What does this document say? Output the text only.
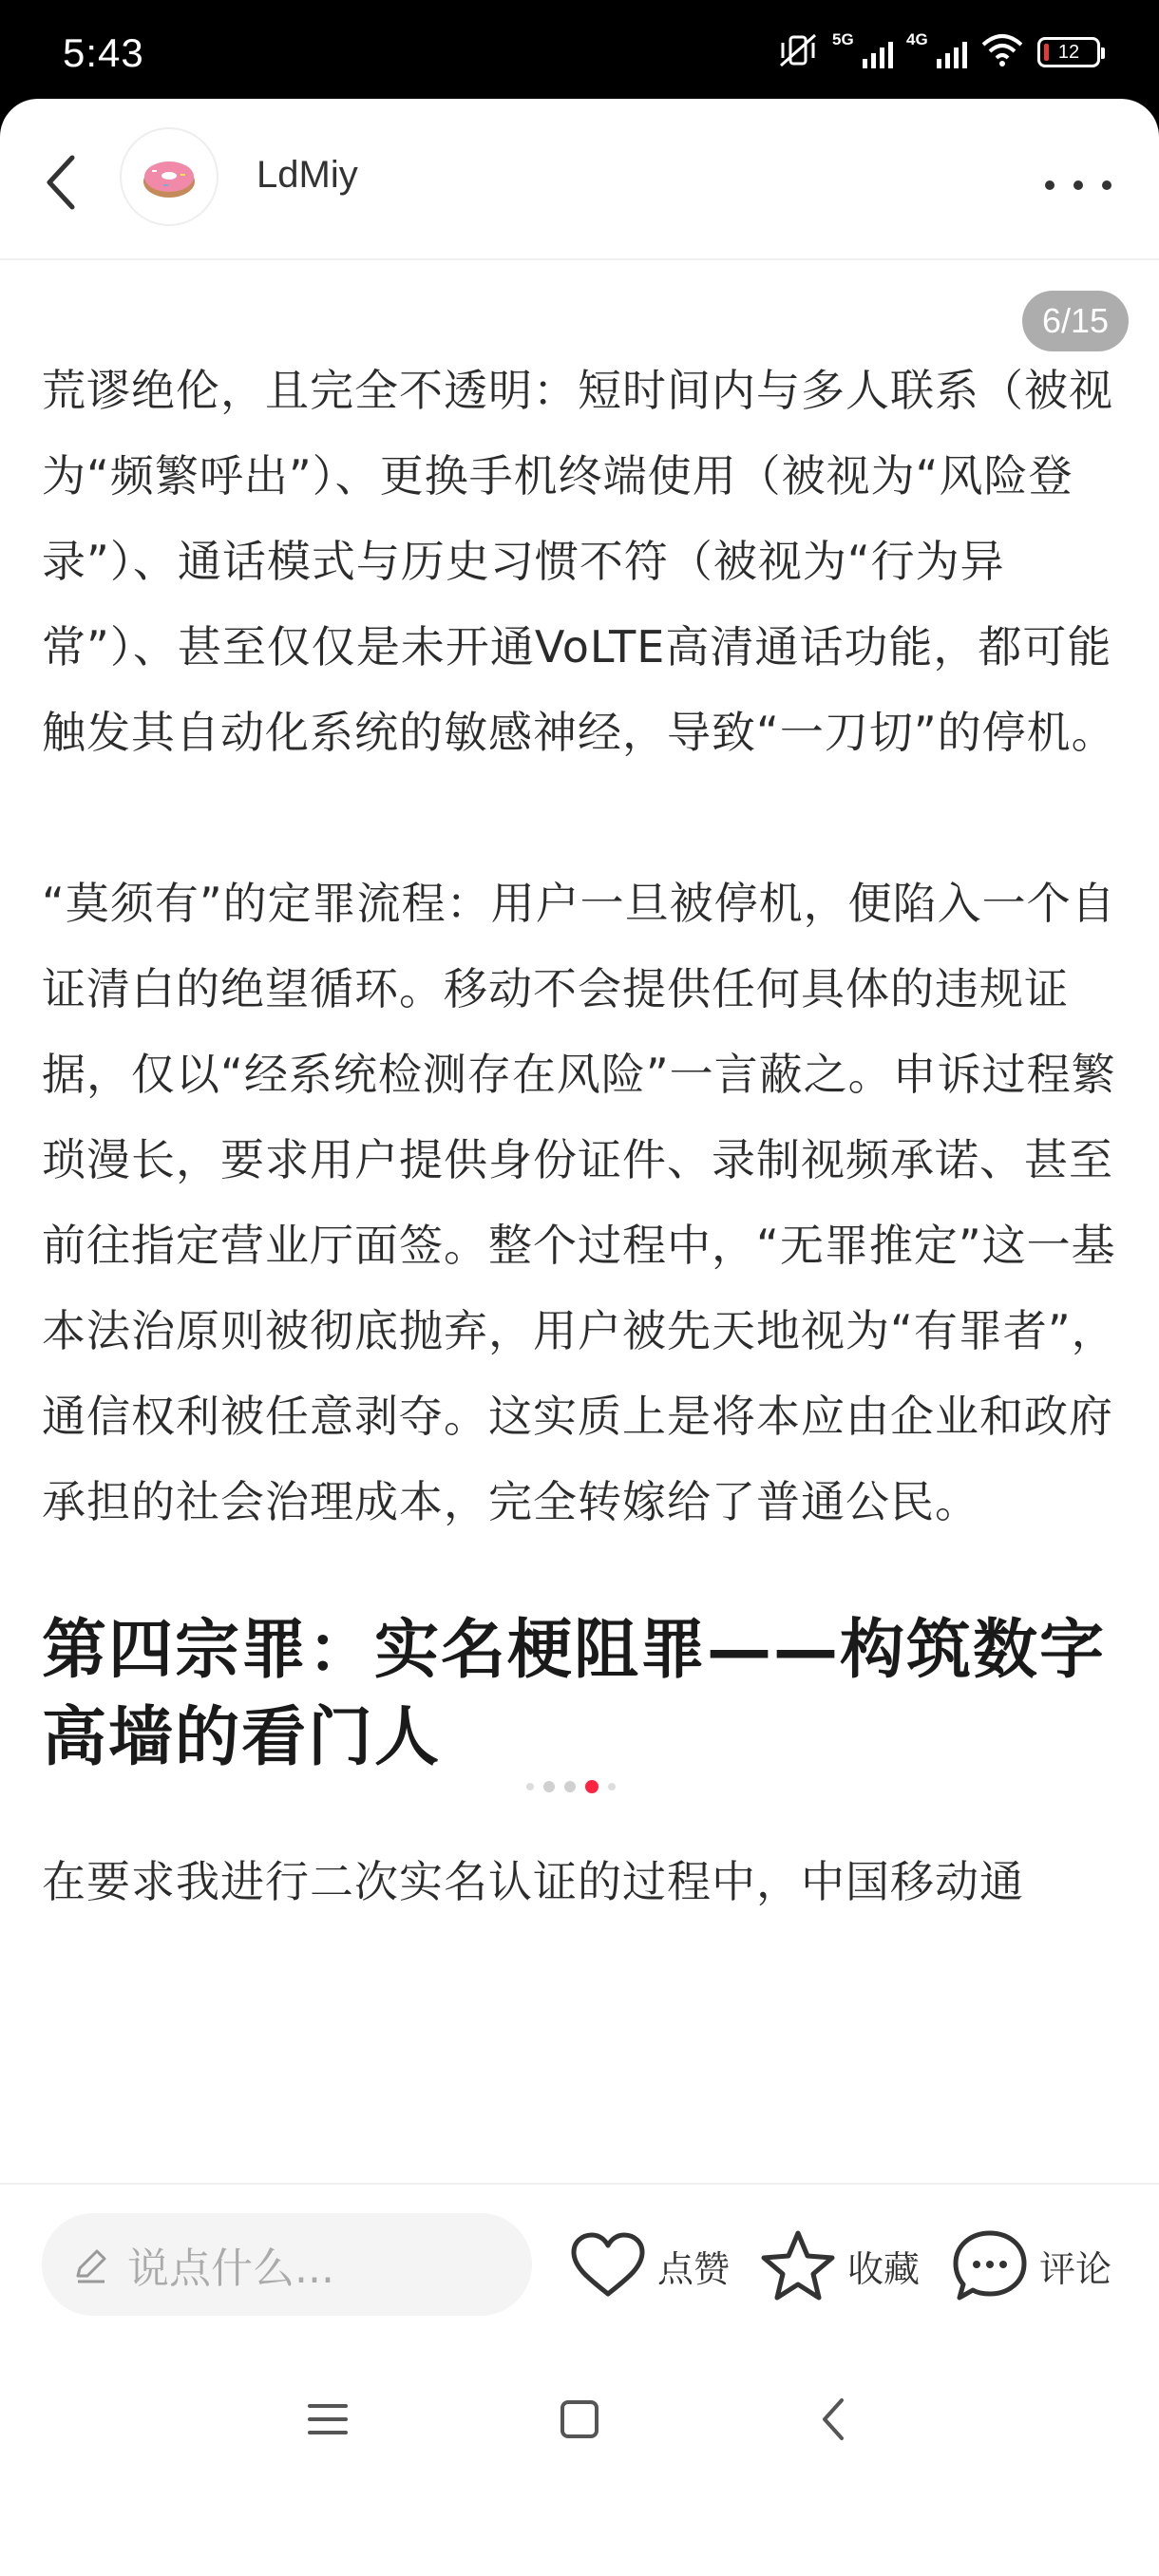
5:43	5G	4G
12
LdMiy
6/15

荒谬绝伦，且完全不透明：短时间内与多人联系（被视为“频繁呼出”）、更换手机终端使用（被视为“风险登录”）、通话模式与历史习惯不符（被视为“行为异常”）、甚至仅仅是未开通VoLTE高清通话功能，都可能触发其自动化系统的敏感神经，导致“一刀切”的停机。

“莫须有”的定罪流程：用户一旦被停机，便陷入一个自证清白的绝望循环。移动不会提供任何具体的违规证据，仅以“经系统检测存在风险”一言蔽之。申诉过程繁琐漫长，要求用户提供身份证件、录制视频承诺、甚至前往指定营业厅面签。整个过程中，“无罪推定”这一基本法治原则被彻底抛弃，用户被先天地视为“有罪者”，通信权利被任意剥夺。这实质上是将本应由企业和政府承担的社会治理成本，完全转嫁给了普通公民。

第四宗罪：实名梗阻罪——构筑数字高墙的看门人

在要求我进行二次实名认证的过程中，中国移动通

说点什么...	点赞	收藏	评论
